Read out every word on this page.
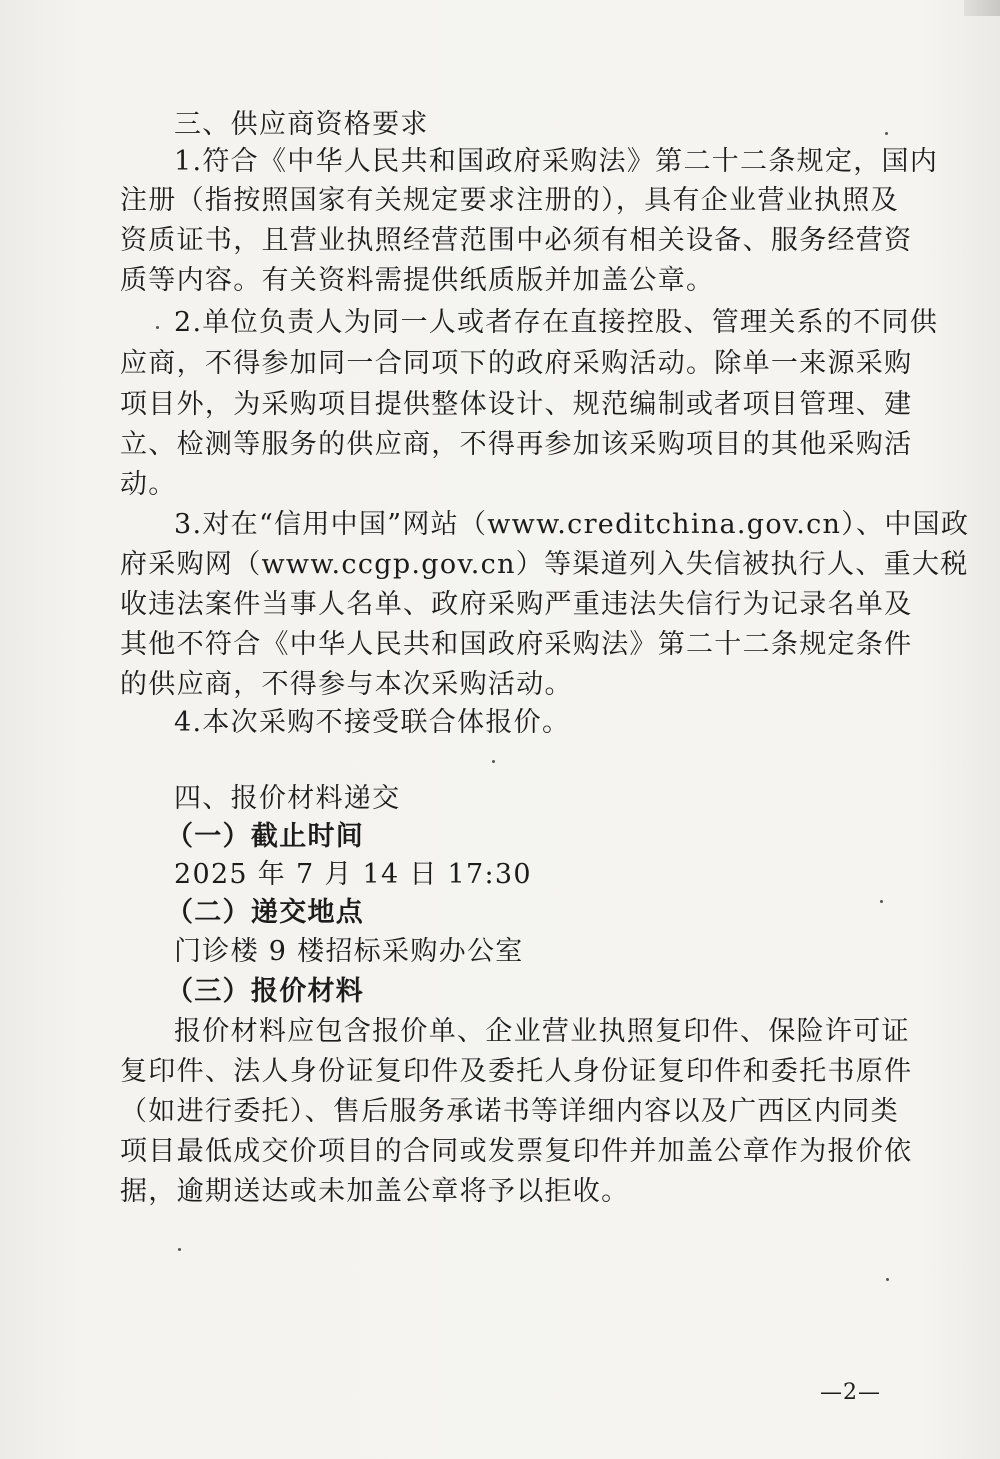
三、供应商资格要求

1.符合《中华人民共和国政府采购法》第二十二条规定，国内

注册（指按照国家有关规定要求注册的），具有企业营业执照及

资质证书，且营业执照经营范围中必须有相关设备、服务经营资

质等内容。有关资料需提供纸质版并加盖公章。

2.单位负责人为同一人或者存在直接控股、管理关系的不同供

应商，不得参加同一合同项下的政府采购活动。除单一来源采购

项目外，为采购项目提供整体设计、规范编制或者项目管理、建

立、检测等服务的供应商，不得再参加该采购项目的其他采购活

动。

3.对在“信用中国”网站（www.creditchina.gov.cn）、中国政

府采购网（www.ccgp.gov.cn）等渠道列入失信被执行人、重大税

收违法案件当事人名单、政府采购严重违法失信行为记录名单及

其他不符合《中华人民共和国政府采购法》第二十二条规定条件

的供应商，不得参与本次采购活动。

4.本次采购不接受联合体报价。

四、报价材料递交

（一）截止时间

2025 年 7 月 14 日 17:30

（二）递交地点

门诊楼 9 楼招标采购办公室

（三）报价材料

报价材料应包含报价单、企业营业执照复印件、保险许可证

复印件、法人身份证复印件及委托人身份证复印件和委托书原件

（如进行委托）、售后服务承诺书等详细内容以及广西区内同类

项目最低成交价项目的合同或发票复印件并加盖公章作为报价依

据，逾期送达或未加盖公章将予以拒收。

—2—
